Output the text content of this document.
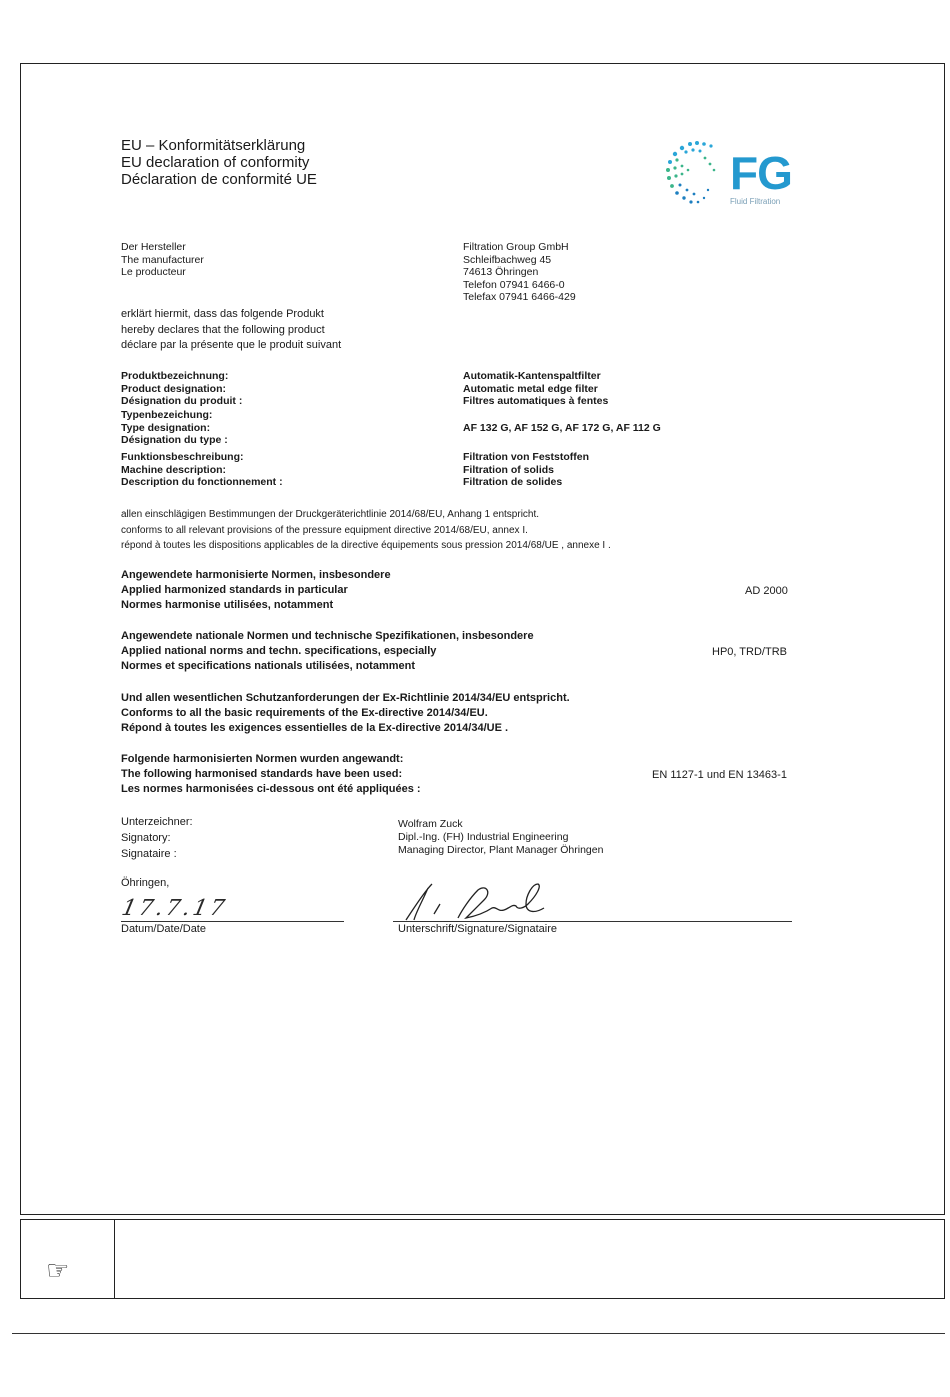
EU – Konformitätserklärung
EU declaration of conformity
Déclaration de conformité UE	FG
Fluid Filtration
Der Hersteller
The manufacturer
Le producteur
Filtration Group GmbH
Schleifbachweg 45
74613 Öhringen
Telefon 07941 6466-0
Telefax 07941 6466-429
erklärt hiermit, dass das folgende Produkt
hereby declares that the following product
déclare par la présente que le produit suivant
Produktbezeichnung:
Product designation:
Désignation du produit :
Automatik-Kantenspaltfilter
Automatic metal edge filter
Filtres automatiques à fentes
Typenbezeichung:
Type designation:
Désignation du type :
AF 132 G, AF 152 G, AF 172 G, AF 112 G
Funktionsbeschreibung:
Machine description:
Description du fonctionnement :
Filtration von Feststoffen
Filtration of solids
Filtration de solides
allen einschlägigen Bestimmungen der Druckgeräterichtlinie 2014/68/EU, Anhang 1 entspricht.
conforms to all relevant provisions of the pressure equipment directive 2014/68/EU, annex I.
répond à toutes les dispositions applicables de la directive équipements sous pression 2014/68/UE , annexe I .
Angewendete harmonisierte Normen, insbesondere
Applied harmonized standards in particular
Normes harmonise utilisées, notamment
AD 2000
Angewendete nationale Normen und technische Spezifikationen, insbesondere
Applied national norms and techn. specifications, especially
Normes et specifications nationals utilisées, notamment
HP0, TRD/TRB
Und allen wesentlichen Schutzanforderungen der Ex-Richtlinie 2014/34/EU entspricht.
Conforms to all the basic requirements of the Ex-directive 2014/34/EU.
Répond à toutes les exigences essentielles de la Ex-directive 2014/34/UE .
Folgende harmonisierten Normen wurden angewandt:
The following harmonised standards have been used:
Les normes harmonisées ci-dessous ont été appliquées :
EN 1127-1 und EN 13463-1
Unterzeichner:
Signatory:
Signataire :
Wolfram Zuck
Dipl.-Ing. (FH) Industrial Engineering
Managing Director, Plant Manager Öhringen
Öhringen,
17.7.17
Datum/Date/Date	Unterschrift/Signature/Signataire
☞
